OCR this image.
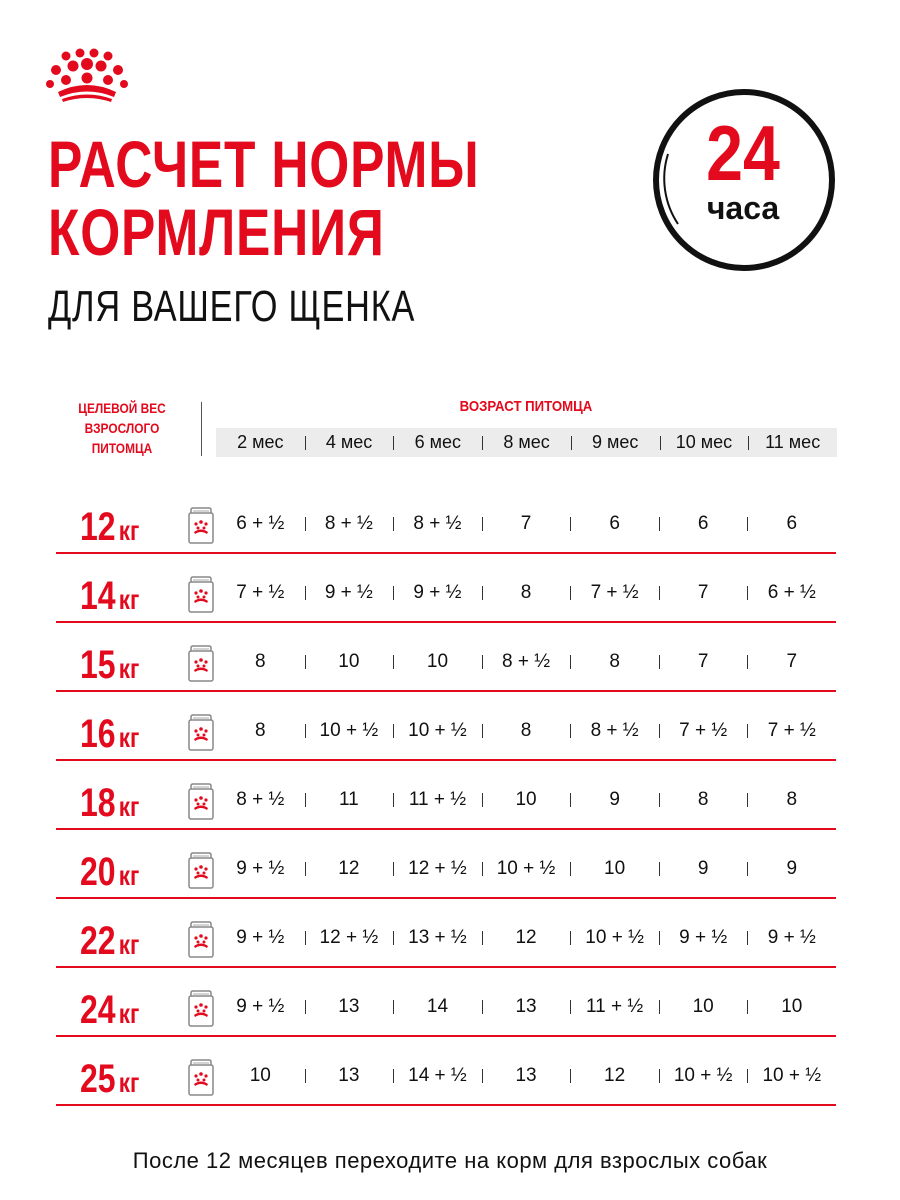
РАСЧЕТ НОРМЫ
КОРМЛЕНИЯ
ДЛЯ ВАШЕГО ЩЕНКА
24
часа
ЦЕЛЕВОЙ ВЕС
ВЗРОСЛОГО
ПИТОМЦА
ВОЗРАСТ ПИТОМЦА
2 мес	4 мес	6 мес	8 мес	9 мес	10 мес	11 мес
12 кг	6 + ½	8 + ½	8 + ½	7	6	6	6
14 кг	7 + ½	9 + ½	9 + ½	8	7 + ½	7	6 + ½
15 кг	8	10	10	8 + ½	8	7	7
16 кг	8	10 + ½	10 + ½	8	8 + ½	7 + ½	7 + ½
18 кг	8 + ½	11	11 + ½	10	9	8	8
20 кг	9 + ½	12	12 + ½	10 + ½	10	9	9
22 кг	9 + ½	12 + ½	13 + ½	12	10 + ½	9 + ½	9 + ½
24 кг	9 + ½	13	14	13	11 + ½	10	10
25 кг	10	13	14 + ½	13	12	10 + ½	10 + ½
После 12 месяцев переходите на корм для взрослых собак
